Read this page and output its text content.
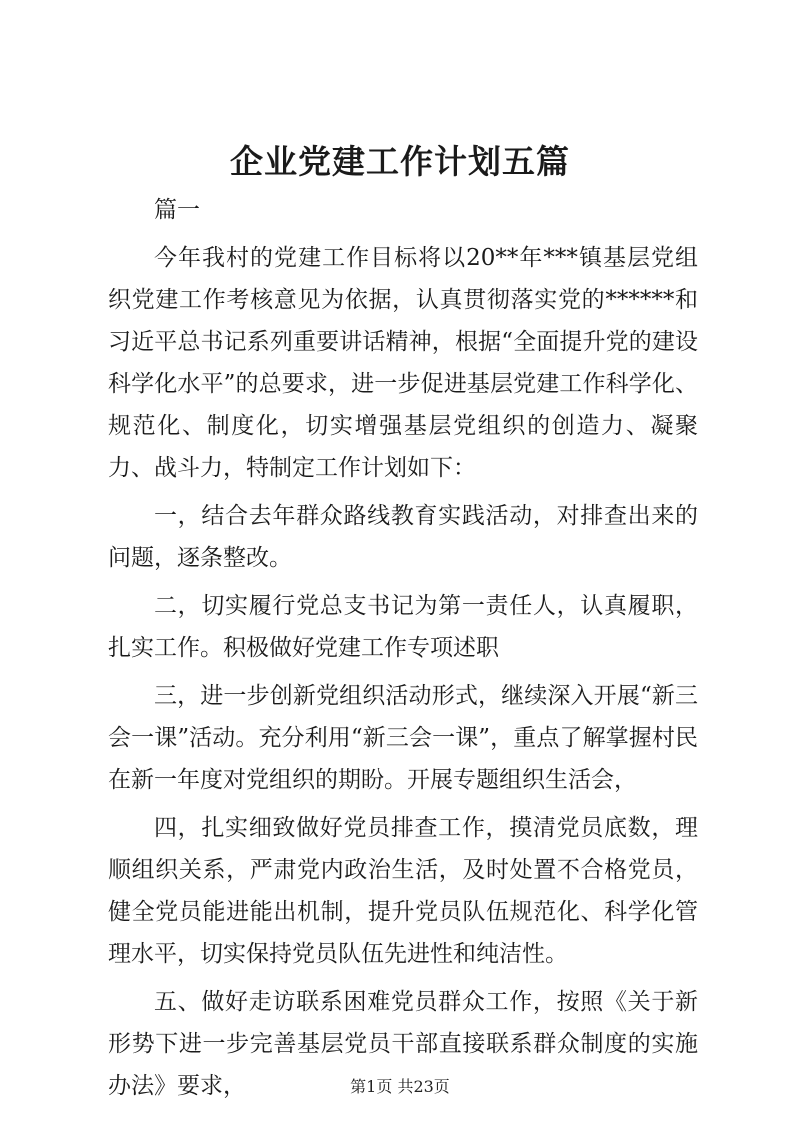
企业党建工作计划五篇

篇一

今年我村的党建工作目标将以20**年***镇基层党组织党建工作考核意见为依据，认真贯彻落实党的******和习近平总书记系列重要讲话精神，根据“全面提升党的建设科学化水平”的总要求，进一步促进基层党建工作科学化、规范化、制度化，切实增强基层党组织的创造力、凝聚力、战斗力，特制定工作计划如下：

一，结合去年群众路线教育实践活动，对排查出来的问题，逐条整改。

二，切实履行党总支书记为第一责任人，认真履职，扎实工作。积极做好党建工作专项述职

三，进一步创新党组织活动形式，继续深入开展“新三会一课”活动。充分利用“新三会一课”，重点了解掌握村民在新一年度对党组织的期盼。开展专题组织生活会，

四，扎实细致做好党员排查工作，摸清党员底数，理顺组织关系，严肃党内政治生活，及时处置不合格党员，健全党员能进能出机制，提升党员队伍规范化、科学化管理水平，切实保持党员队伍先进性和纯洁性。

五、做好走访联系困难党员群众工作，按照《关于新形势下进一步完善基层党员干部直接联系群众制度的实施办法》要求，	第1页 共23页
